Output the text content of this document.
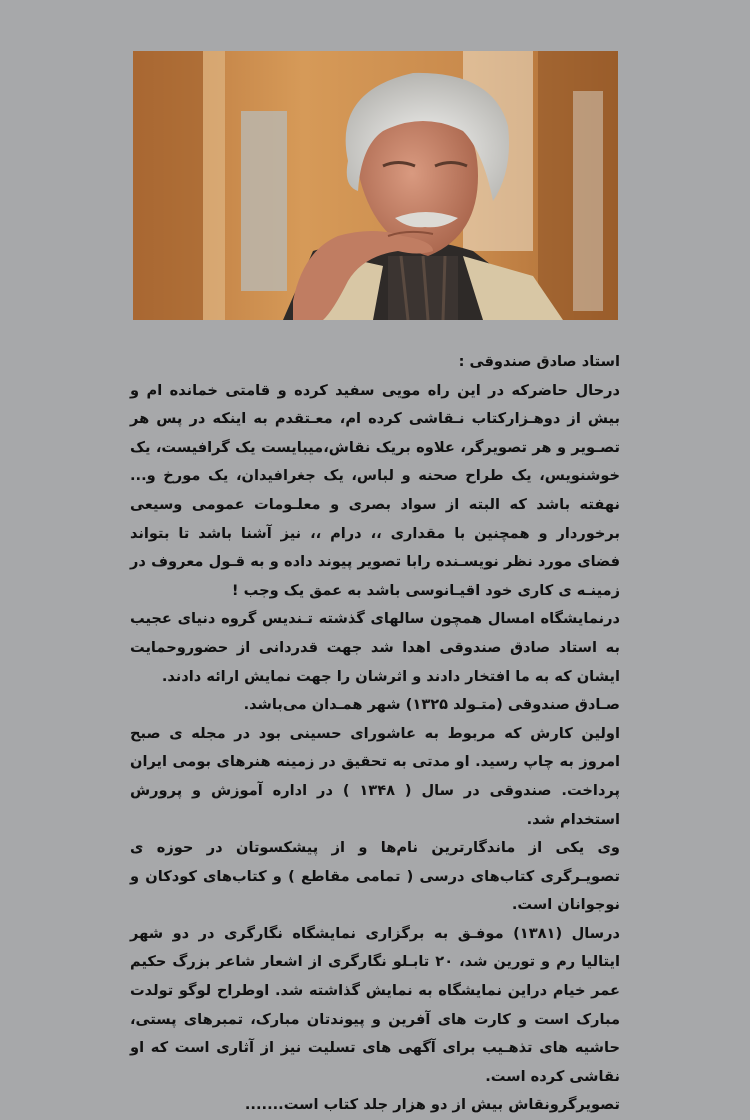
استاد صادق صندوقی :

درحال حاضرکه در این راه مویی سفید کرده و قامتی خمانده ام و بیش از دوهـزارکتاب نـقاشی کرده ام، معـتقدم به اینکه در پس هر تصـویر و هر تصویرگر، علاوه بریک نقاش،میبایست یک گرافیست، یک خوشنویس، یک طراح صحنه و لباس، یک جغرافیدان، یک مورخ و... نهفته باشد که البته از سواد بصری و معلـومات عمومی وسیعی برخوردار و همچنین با مقداری ،، درام ،، نیز آشنا باشد تا بتواند فضای مورد نظر نویسـنده رابا تصویر پیوند داده و به قـول معروف در زمینـه ی کاری خود اقیـانوسی باشد به عمق یک وجب !

درنمایشگاه امسال همچون سالهای گذشته تـندیس گروه دنیای عجیب به استاد صادق صندوقی اهدا شد جهت قدردانی از حضوروحمایت ایشان که به ما افتخار دادند و اثرشان را جهت نمایش ارائه دادند.

صـادق صندوقی (متـولد ۱۳۲۵) شهر همـدان می‌باشد.

اولین کارش که مربوط به عاشورای حسینی بود در مجله ی صبح امروز به چاپ رسید. او مدتی به تحقیق در زمینه هنرهای بومی ایران پرداخت. صندوقی در سال ( ۱۳۴۸ ) در اداره آموزش و پرورش استخدام شد.

وی یکی از ماندگارترین نام‌ها و از پیشکسوتان در حوزه ی تصویـرگری کتاب‌های درسی ( تمامی مقاطع ) و کتاب‌های کودکان و نوجوانان است.

درسال (۱۳۸۱) موفـق به برگزاری نمایشگاه نگارگری در دو شهر ایتالیا رم و تورین شد، ۲۰ تابـلو نگارگری از اشعار شاعر بزرگ حکیم عمر خیام دراین نمایشگاه به نمایش گذاشته شد. اوطراح لوگو تولدت مبارک است و کارت های آفرین و پیوندتان مبارک، تمبرهای پستی، حاشیه های تذهـیب برای آگهی های تسلیت نیز از آثاری است که او نقاشی کرده است.

تصویرگرونقاش بیش از دو هزار جلد کتاب است.......
